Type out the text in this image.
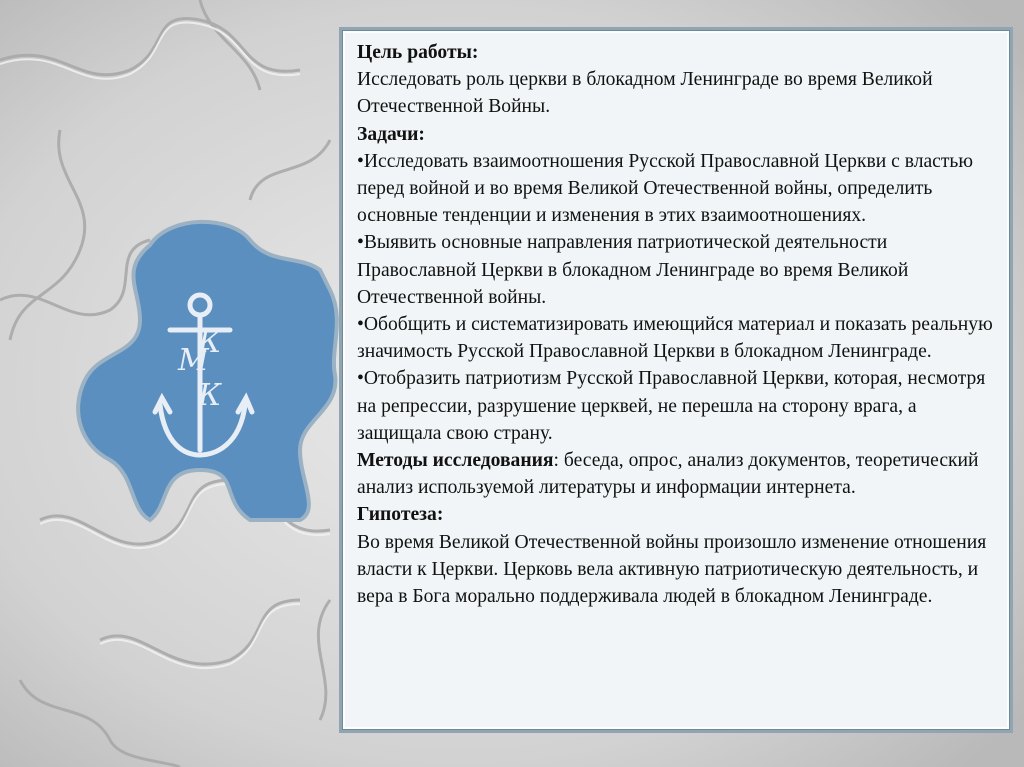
М
К
К

Цель работы:

Исследовать роль церкви в блокадном Ленинграде во время Великой Отечественной Войны.

Задачи:

•Исследовать взаимоотношения Русской Православной Церкви с властью перед войной и во время Великой Отечественной войны, определить основные тенденции и изменения в этих взаимоотношениях.

•Выявить основные направления патриотической деятельности Православной Церкви в блокадном Ленинграде во время Великой Отечественной войны.

•Обобщить и систематизировать имеющийся материал и показать реальную значимость Русской Православной Церкви в блокадном Ленинграде.

•Отобразить патриотизм Русской Православной Церкви, которая, несмотря на репрессии, разрушение церквей, не перешла на сторону врага, а защищала свою страну.

Методы исследования: беседа, опрос, анализ документов, теоретический анализ используемой литературы и информации интернета.

Гипотеза:

Во время Великой Отечественной войны произошло изменение отношения власти к Церкви. Церковь вела активную патриотическую деятельность, и вера в Бога морально поддерживала людей в блокадном Ленинграде.
